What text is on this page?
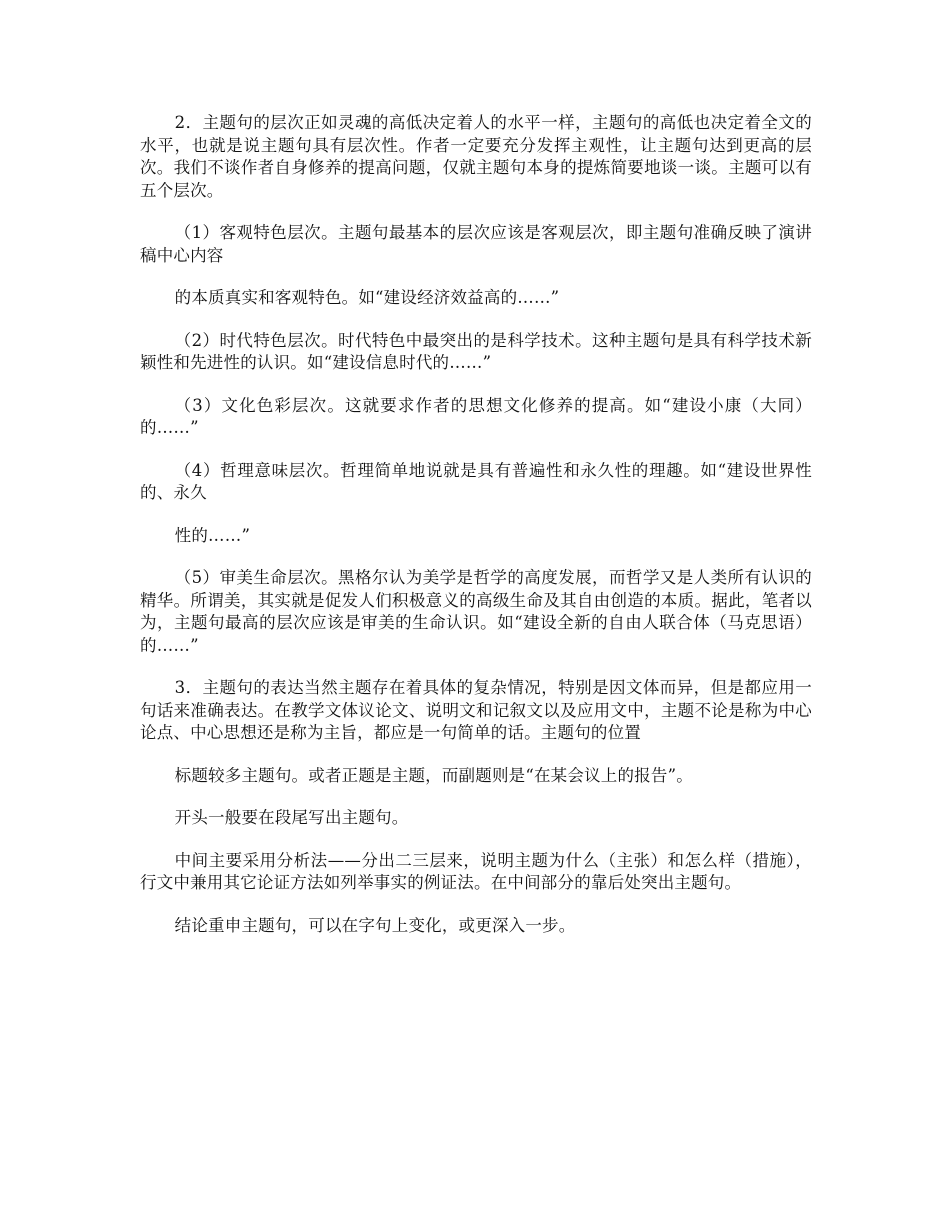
2．主题句的层次正如灵魂的高低决定着人的水平一样，主题句的高低也决定着全文的水平，也就是说主题句具有层次性。作者一定要充分发挥主观性，让主题句达到更高的层次。我们不谈作者自身修养的提高问题，仅就主题句本身的提炼简要地谈一谈。主题可以有五个层次。

（1）客观特色层次。主题句最基本的层次应该是客观层次，即主题句准确反映了演讲稿中心内容

的本质真实和客观特色。如“建设经济效益高的……”

（2）时代特色层次。时代特色中最突出的是科学技术。这种主题句是具有科学技术新颖性和先进性的认识。如“建设信息时代的……”

（3）文化色彩层次。这就要求作者的思想文化修养的提高。如“建设小康（大同）的……”

（4）哲理意味层次。哲理简单地说就是具有普遍性和永久性的理趣。如“建设世界性的、永久

性的……”

（5）审美生命层次。黑格尔认为美学是哲学的高度发展，而哲学又是人类所有认识的精华。所谓美，其实就是促发人们积极意义的高级生命及其自由创造的本质。据此，笔者以为，主题句最高的层次应该是审美的生命认识。如“建设全新的自由人联合体（马克思语）的……”

3．主题句的表达当然主题存在着具体的复杂情况，特别是因文体而异，但是都应用一句话来准确表达。在教学文体议论文、说明文和记叙文以及应用文中，主题不论是称为中心论点、中心思想还是称为主旨，都应是一句简单的话。主题句的位置

标题较多主题句。或者正题是主题，而副题则是“在某会议上的报告”。

开头一般要在段尾写出主题句。

中间主要采用分析法——分出二三层来，说明主题为什么（主张）和怎么样（措施），行文中兼用其它论证方法如列举事实的例证法。在中间部分的靠后处突出主题句。

结论重申主题句，可以在字句上变化，或更深入一步。
